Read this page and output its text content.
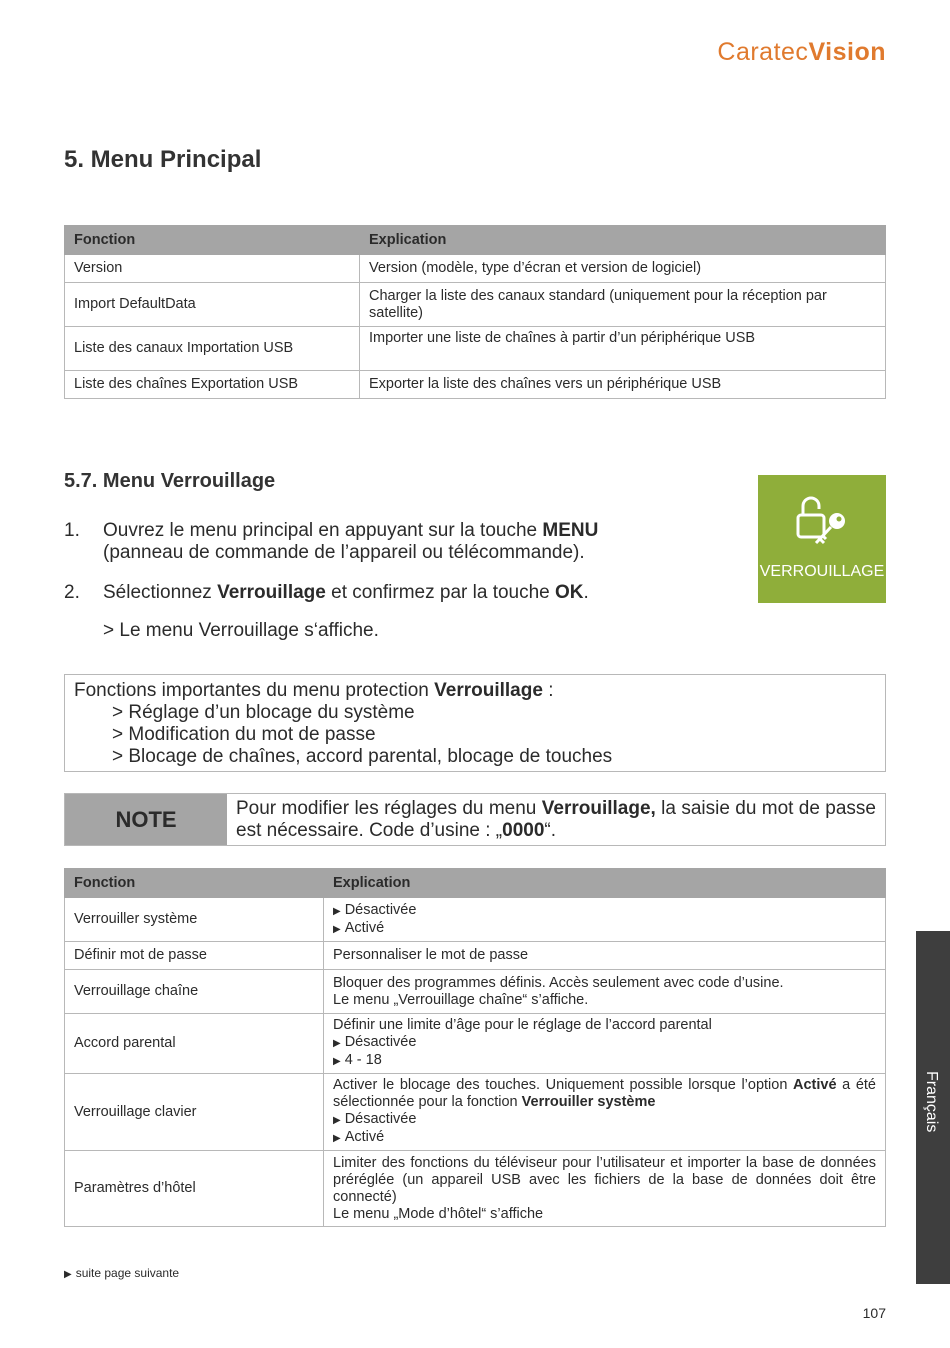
CaratecVision
5. Menu Principal
Fonction	Explication
Version	Version (modèle, type d’écran et version de logiciel)
Import DefaultData	Charger la liste des canaux standard (uniquement pour la réception par satellite)
Liste des canaux Importation USB	Importer une liste de chaînes à partir d’un périphérique USB
Liste des chaînes Exportation USB	Exporter la liste des chaînes vers un périphérique USB
5.7. Menu Verrouillage
1.	Ouvrez le menu principal en appuyant sur la touche MENU
(panneau de commande de l’appareil ou télécommande).
2.	Sélectionnez Verrouillage et confirmez par la touche OK.
> Le menu Verrouillage s‘affiche.
VERROUILLAGE
Fonctions importantes du menu protection Verrouillage :
> Réglage d’un blocage du système
> Modification du mot de passe
> Blocage de chaînes, accord parental, blocage de touches
NOTE	Pour modifier les réglages du menu Verrouillage, la saisie du mot de passe est nécessaire. Code d’usine : „0000“.
Fonction	Explication
Verrouiller système	▶ Désactivée
▶ Activé
Définir mot de passe	Personnaliser le mot de passe
Verrouillage chaîne	Bloquer des programmes définis. Accès seulement avec code d’usine.
Le menu „Verrouillage chaîne“ s’affiche.
Accord parental	Définir une limite d’âge pour le réglage de l’accord parental
▶ Désactivée
▶ 4 - 18
Verrouillage clavier	Activer le blocage des touches. Uniquement possible lorsque l’option Activé a été sélectionnée pour la fonction Verrouiller système
▶ Désactivée
▶ Activé
Paramètres d’hôtel	Limiter des fonctions du téléviseur pour l’utilisateur et importer la base de données préréglée (un appareil USB avec les fichiers de la base de données doit être connecté)
Le menu „Mode d’hôtel“ s’affiche
▶ suite page suivante
Français
107
